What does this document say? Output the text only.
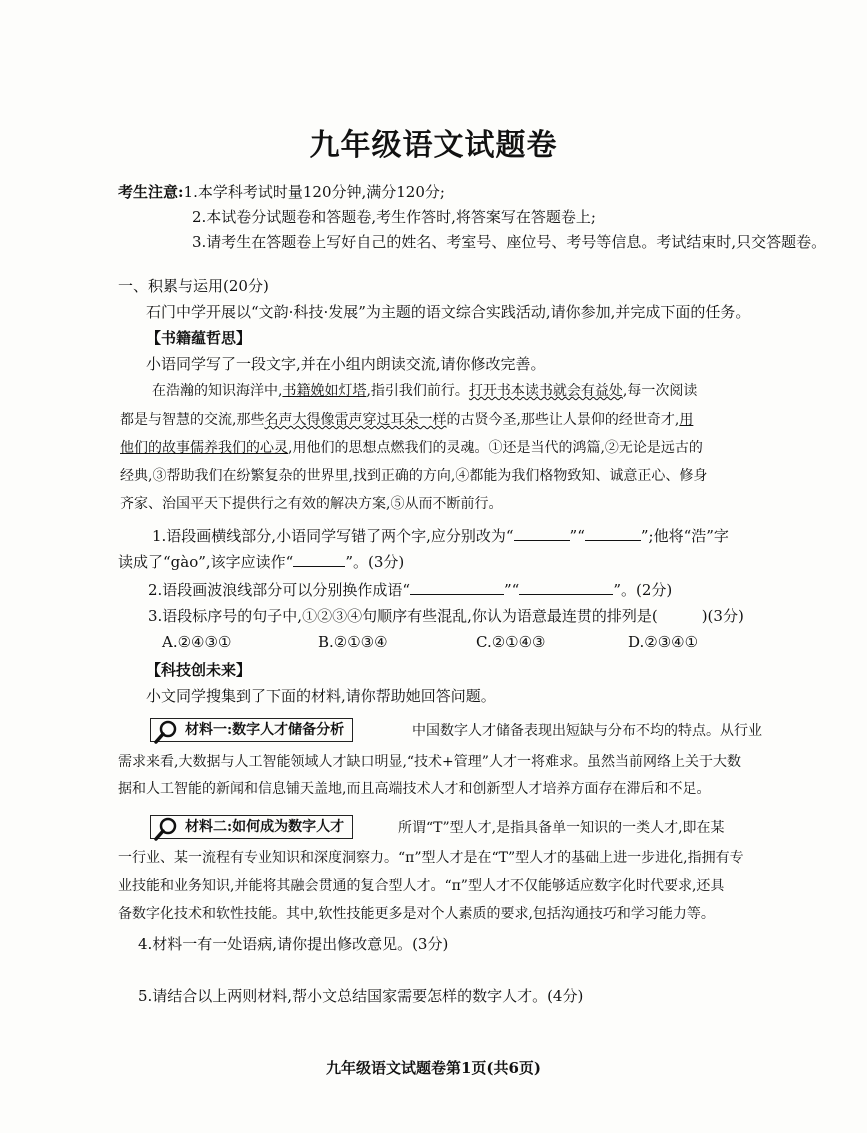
九年级语文试题卷
考生注意:1.本学科考试时量120分钟,满分120分;
2.本试卷分试题卷和答题卷,考生作答时,将答案写在答题卷上;
3.请考生在答题卷上写好自己的姓名、考室号、座位号、考号等信息。考试结束时,只交答题卷。
一、积累与运用(20分)
石门中学开展以“文韵·科技·发展”为主题的语文综合实践活动,请你参加,并完成下面的任务。
【书籍蕴哲思】
小语同学写了一段文字,并在小组内朗读交流,请你修改完善。
在浩瀚的知识海洋中,书籍娩如灯塔,指引我们前行。打开书本读书就会有益处,每一次阅读
都是与智慧的交流,那些名声大得像雷声穿过耳朵一样的古贤今圣,那些让人景仰的经世奇才,用
他们的故事儒养我们的心灵,用他们的思想点燃我们的灵魂。①还是当代的鸿篇,②无论是远古的
经典,③帮助我们在纷繁复杂的世界里,找到正确的方向,④都能为我们格物致知、诚意正心、修身
齐家、治国平天下提供行之有效的解决方案,⑤从而不断前行。
1.语段画横线部分,小语同学写错了两个字,应分别改为“	”“	”;他将“浩”字
读成了“gào”,该字应读作“	”。(3分)
2.语段画波浪线部分可以分别换作成语“	”“	”。(2分)
3.语段标序号的句子中,①②③④句顺序有些混乱,你认为语意最连贯的排列是(	)(3分)
A.②④③①	B.②①③④	C.②①④③	D.②③④①
【科技创未来】
小文同学搜集到了下面的材料,请你帮助她回答问题。
材料一:数字人才储备分析	中国数字人才储备表现出短缺与分布不均的特点。从行业
需求来看,大数据与人工智能领域人才缺口明显,“技术+管理”人才一将难求。虽然当前网络上关于大数
据和人工智能的新闻和信息铺天盖地,而且高端技术人才和创新型人才培养方面存在滞后和不足。
材料二:如何成为数字人才	所谓“T”型人才,是指具备单一知识的一类人才,即在某
一行业、某一流程有专业知识和深度洞察力。“π”型人才是在“T”型人才的基础上进一步进化,指拥有专
业技能和业务知识,并能将其融会贯通的复合型人才。“π”型人才不仅能够适应数字化时代要求,还具
备数字化技术和软性技能。其中,软性技能更多是对个人素质的要求,包括沟通技巧和学习能力等。
4.材料一有一处语病,请你提出修改意见。(3分)
5.请结合以上两则材料,帮小文总结国家需要怎样的数字人才。(4分)
九年级语文试题卷第1页(共6页)
